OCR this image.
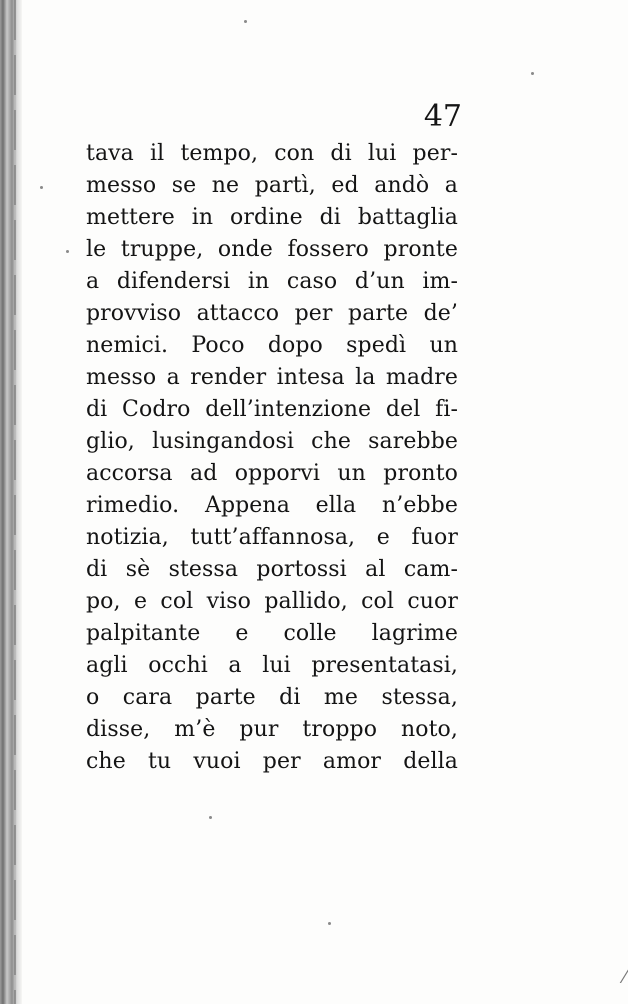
47
tava il tempo, con di lui per-
messo se ne partì, ed andò a
mettere in ordine di battaglia
le truppe, onde fossero pronte
a difendersi in caso d’un im-
provviso attacco per parte de’
nemici. Poco dopo spedì un
messo a render intesa la madre
di Codro dell’intenzione del fi-
glio, lusingandosi che sarebbe
accorsa ad opporvi un pronto
rimedio. Appena ella n’ebbe
notizia, tutt’affannosa, e fuor
di sè stessa portossi al cam-
po, e col viso pallido, col cuor
palpitante e colle lagrime
agli occhi a lui presentatasi,
o cara parte di me stessa,
disse, m’è pur troppo noto,
che tu vuoi per amor della
⁄
